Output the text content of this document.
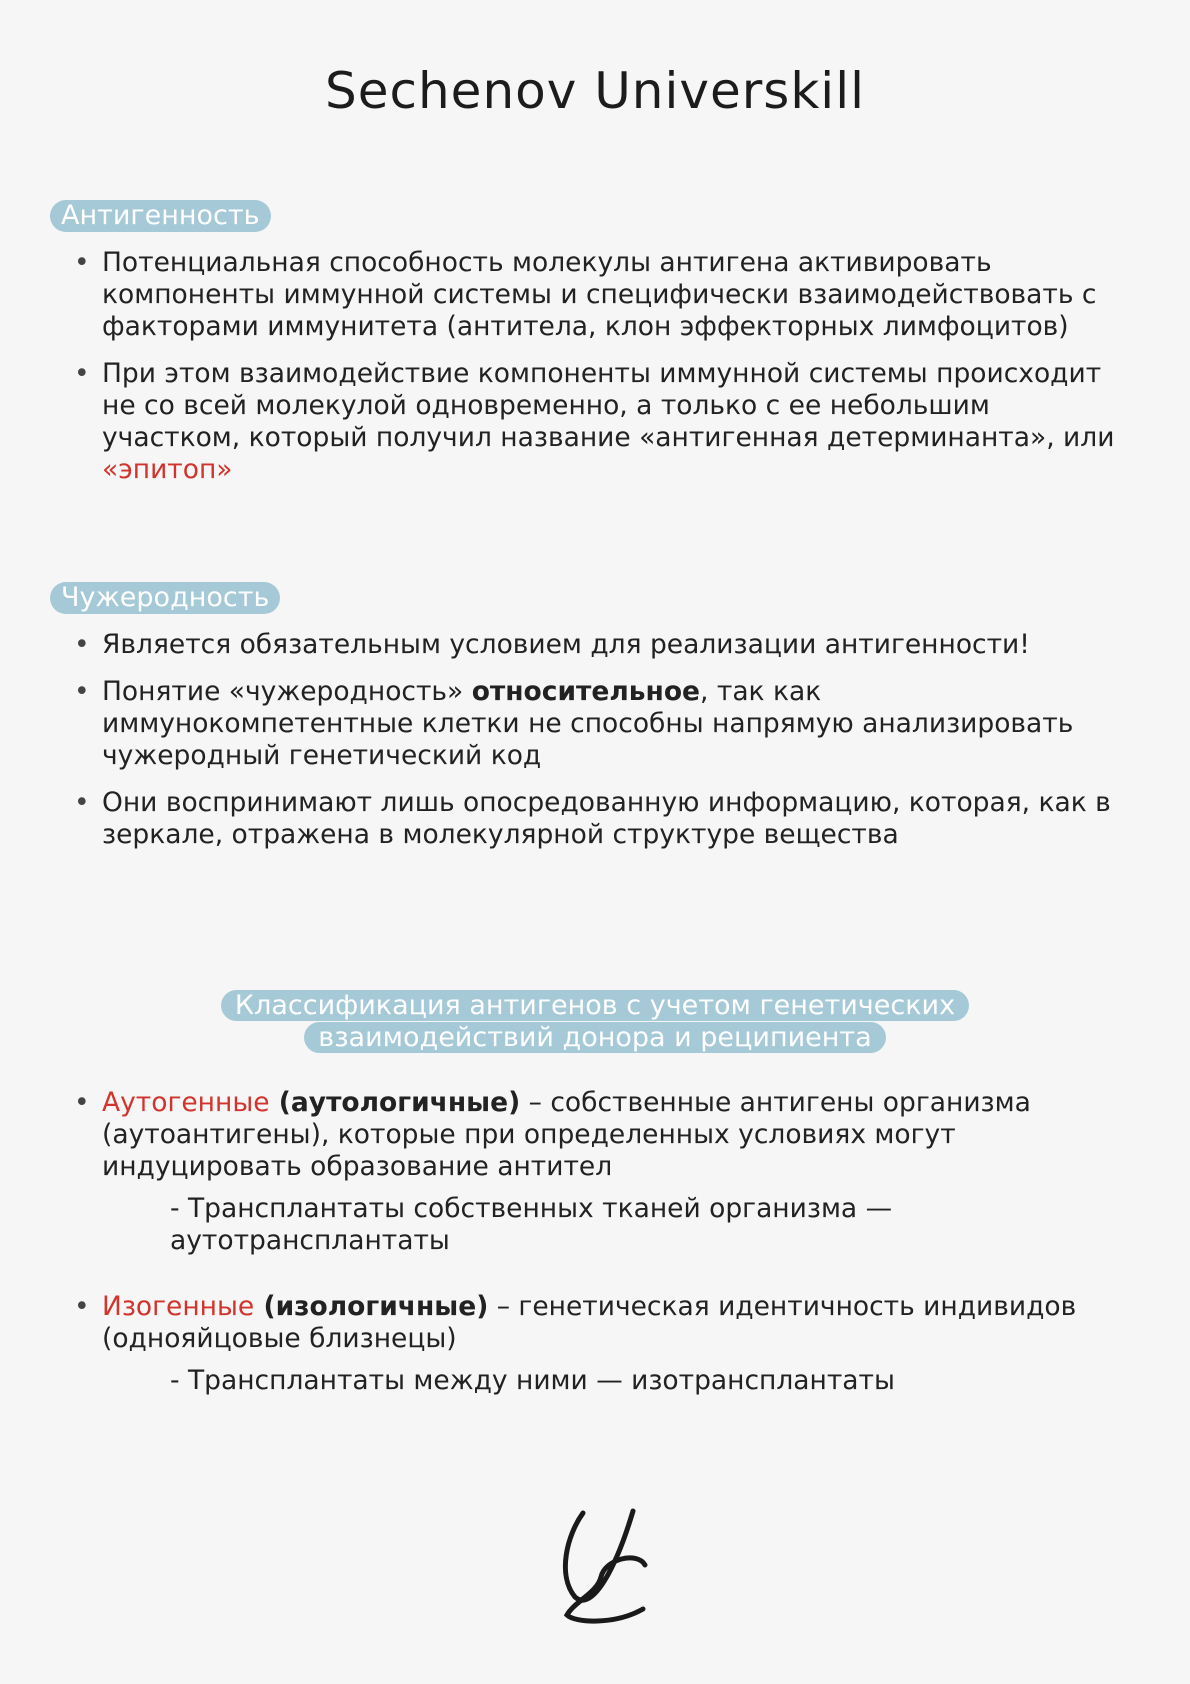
Sechenov Universkill
Антигенность
• Потенциальная способность молекулы антигена активировать компоненты иммунной системы и специфически взаимодействовать с факторами иммунитета (антитела, клон эффекторных лимфоцитов)
• При этом взаимодействие компоненты иммунной системы происходит не со всей молекулой одновременно, а только с ее небольшим участком, который получил название «антигенная детерминанта», или «эпитоп»
Чужеродность
• Является обязательным условием для реализации антигенности!
• Понятие «чужеродность» относительное, так как иммунокомпетентные клетки не способны напрямую анализировать чужеродный генетический код
• Они воспринимают лишь опосредованную информацию, которая, как в зеркале, отражена в молекулярной структуре вещества
Классификация антигенов с учетом генетических
взаимодействий донора и реципиента
• Аутогенные (аутологичные) – собственные антигены организма (аутоантигены), которые при определенных условиях могут индуцировать образование антител
- Трансплантаты собственных тканей организма — аутотрансплантаты
• Изогенные (изологичные) – генетическая идентичность индивидов (однояйцовые близнецы)
- Трансплантаты между ними — изотрансплантаты
